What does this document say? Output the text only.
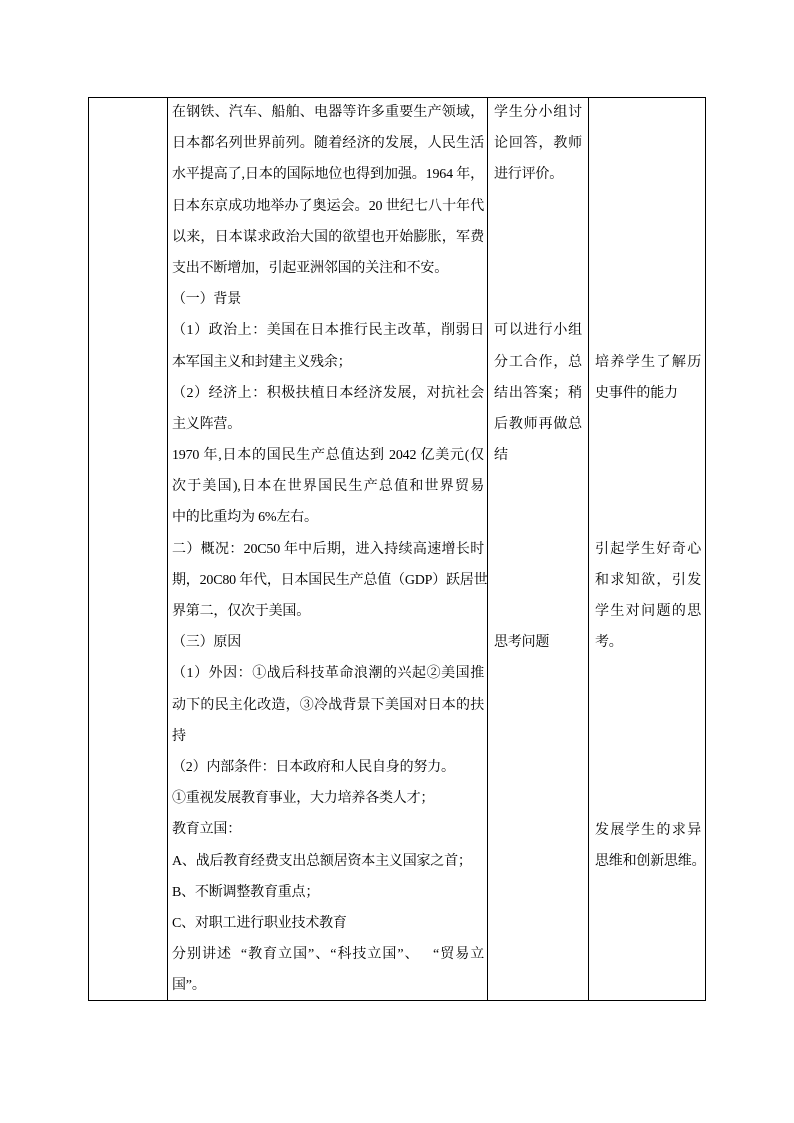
在钢铁、汽车、船舶、电器等许多重要生产领域，
日本都名列世界前列。随着经济的发展，人民生活
水平提高了,日本的国际地位也得到加强。1964 年，
日本东京成功地举办了奥运会。20 世纪七八十年代
以来，日本谋求政治大国的欲望也开始膨胀，军费
支出不断增加，引起亚洲邻国的关注和不安。
（一）背景
（1）政治上：美国在日本推行民主改革，削弱日
本军国主义和封建主义残余；
（2）经济上：积极扶植日本经济发展，对抗社会
主义阵营。
1970 年,日本的国民生产总值达到 2042 亿美元(仅
次于美国),日本在世界国民生产总值和世界贸易
中的比重均为 6%左右。
二）概况：20C50 年中后期，进入持续高速增长时
期，20C80 年代，日本国民生产总值（GDP）跃居世
界第二，仅次于美国。
（三）原因
（1）外因：①战后科技革命浪潮的兴起②美国推
动下的民主化改造，③冷战背景下美国对日本的扶
持
（2）内部条件：日本政府和人民自身的努力。
①重视发展教育事业，大力培养各类人才；
教育立国：
A、战后教育经费支出总额居资本主义国家之首；
B、不断调整教育重点；
C、对职工进行职业技术教育
分别讲述  “教育立国”、“科技立国”、   “贸易立
国”。
学生分小组讨
论回答，教师
进行评价。
可以进行小组
分工合作，总
结出答案；稍
后教师再做总
结
思考问题
培养学生了解历
史事件的能力
引起学生好奇心
和求知欲，引发
学生对问题的思
考。
发展学生的求异
思维和创新思维。
